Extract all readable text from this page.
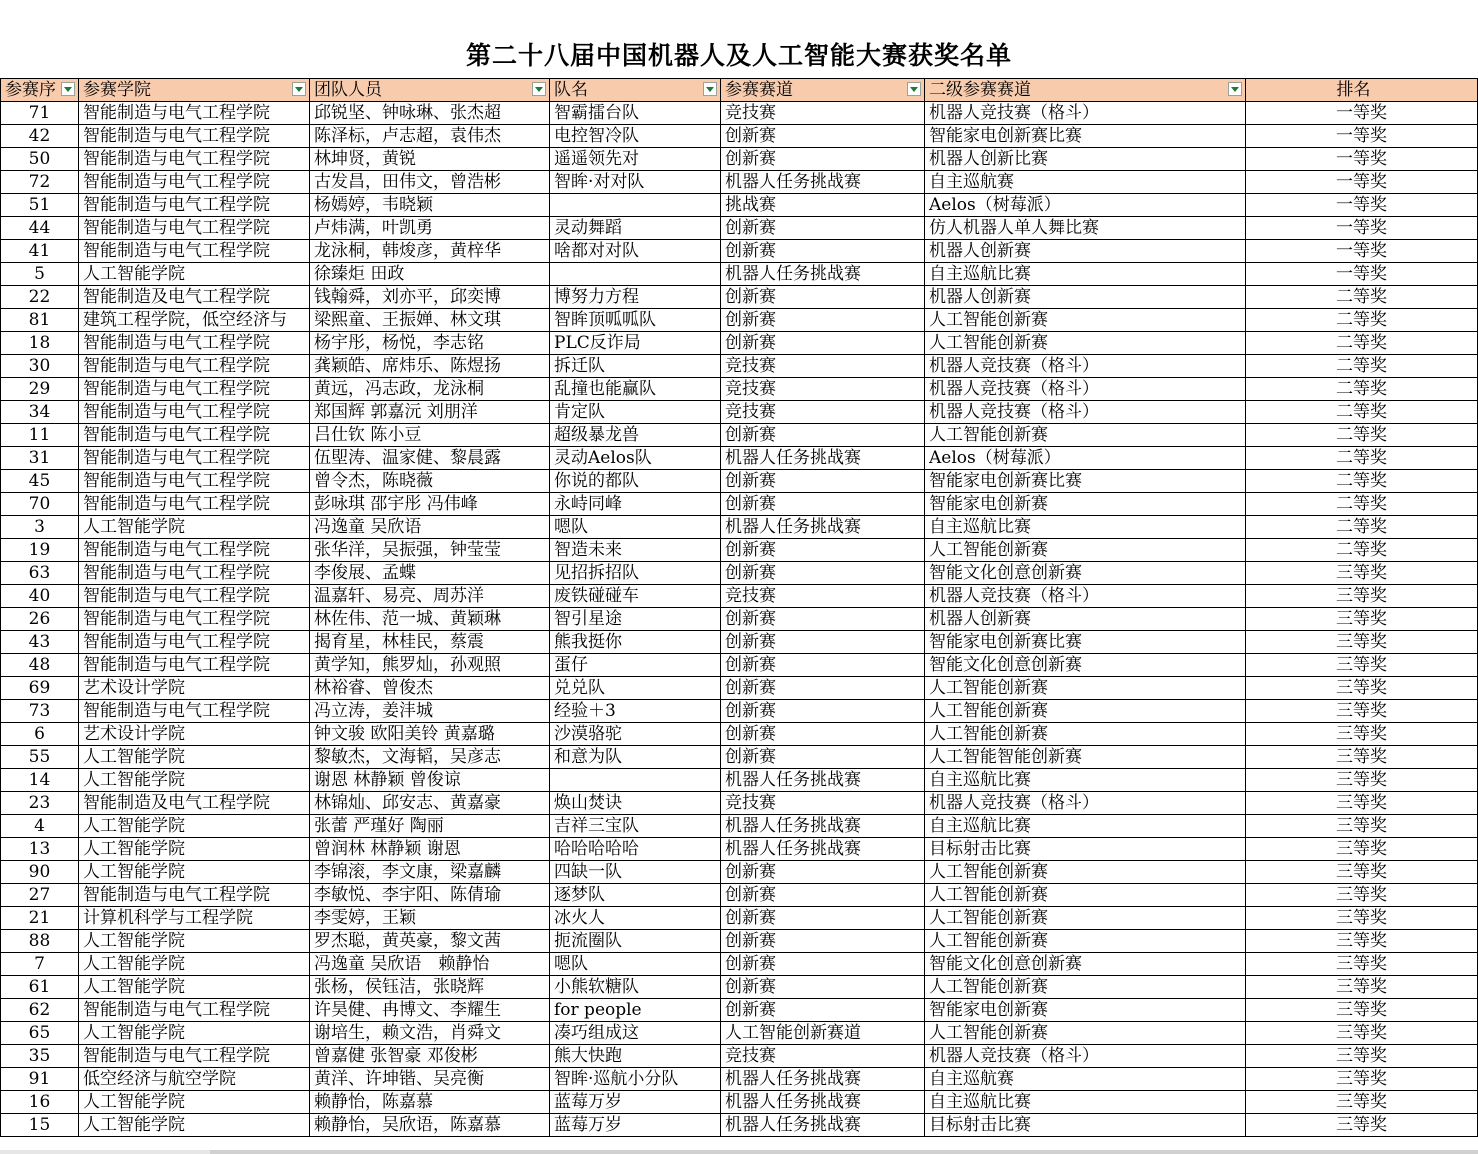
第二十八届中国机器人及人工智能大赛获奖名单
参赛序	参赛学院	团队人员	队名	参赛赛道	二级参赛赛道	排名
71	智能制造与电气工程学院	邱锐坚、钟咏琳、张杰超	智霸擂台队	竞技赛	机器人竞技赛（格斗）	一等奖
42	智能制造与电气工程学院	陈泽标，卢志超，袁伟杰	电控智冷队	创新赛	智能家电创新赛比赛	一等奖
50	智能制造与电气工程学院	林坤贤，黄锐	遥遥领先对	创新赛	机器人创新比赛	一等奖
72	智能制造与电气工程学院	古发昌，田伟文，曾浩彬	智眸·对对队	机器人任务挑战赛	自主巡航赛	一等奖
51	智能制造与电气工程学院	杨嫣婷，韦晓颖		挑战赛	Aelos（树莓派）	一等奖
44	智能制造与电气工程学院	卢炜满，叶凯勇	灵动舞蹈	创新赛	仿人机器人单人舞比赛	一等奖
41	智能制造与电气工程学院	龙泳桐，韩焌彦，黄梓华	啥都对对队	创新赛	机器人创新赛	一等奖
5	人工智能学院	徐臻炬 田政		机器人任务挑战赛	自主巡航比赛	一等奖
22	智能制造及电气工程学院	钱翰舜，刘亦平，邱奕博	博努力方程	创新赛	机器人创新赛	二等奖
81	建筑工程学院，低空经济与	梁熙童、王振婵、林文琪	智眸顶呱呱队	创新赛	人工智能创新赛	二等奖
18	智能制造与电气工程学院	杨宇彤，杨悦，李志铭	PLC反诈局	创新赛	人工智能创新赛	二等奖
30	智能制造与电气工程学院	龚颖皓、席炜乐、陈煜扬	拆迁队	竞技赛	机器人竞技赛（格斗）	二等奖
29	智能制造与电气工程学院	黄远，冯志政，龙泳桐	乱撞也能赢队	竞技赛	机器人竞技赛（格斗）	二等奖
34	智能制造与电气工程学院	郑国辉 郭嘉沅 刘朋洋	肯定队	竞技赛	机器人竞技赛（格斗）	二等奖
11	智能制造与电气工程学院	吕仕钦 陈小豆	超级暴龙兽	创新赛	人工智能创新赛	二等奖
31	智能制造与电气工程学院	伍堲涛、温家健、黎晨露	灵动Aelos队	机器人任务挑战赛	Aelos（树莓派）	二等奖
45	智能制造与电气工程学院	曾令杰，陈晓薇	你说的都队	创新赛	智能家电创新赛比赛	二等奖
70	智能制造与电气工程学院	彭咏琪 邵宇彤 冯伟峰	永峙同峰	创新赛	智能家电创新赛	二等奖
3	人工智能学院	冯逸童 吴欣语	嗯队	机器人任务挑战赛	自主巡航比赛	二等奖
19	智能制造与电气工程学院	张华洋，吴振强，钟莹莹	智造未来	创新赛	人工智能创新赛	二等奖
63	智能制造与电气工程学院	李俊展、孟蝶	见招拆招队	创新赛	智能文化创意创新赛	三等奖
40	智能制造与电气工程学院	温嘉轩、易亮、周苏洋	废铁碰碰车	竞技赛	机器人竞技赛（格斗）	三等奖
26	智能制造与电气工程学院	林佐伟、范一城、黄颖琳	智引星途	创新赛	机器人创新赛	三等奖
43	智能制造与电气工程学院	揭育星，林桂民，蔡震	熊我挺你	创新赛	智能家电创新赛比赛	三等奖
48	智能制造与电气工程学院	黄学知，熊罗灿，孙观照	蛋仔	创新赛	智能文化创意创新赛	三等奖
69	艺术设计学院	林裕睿、曾俊杰	兑兑队	创新赛	人工智能创新赛	三等奖
73	智能制造与电气工程学院	冯立涛，姜沣城	经验＋3	创新赛	人工智能创新赛	三等奖
6	艺术设计学院	钟文骏 欧阳美铃 黄嘉璐	沙漠骆驼	创新赛	人工智能创新赛	三等奖
55	人工智能学院	黎敏杰，文海韬，吴彦志	和意为队	创新赛	人工智能智能创新赛	三等奖
14	人工智能学院	谢恩 林静颖 曾俊谅		机器人任务挑战赛	自主巡航比赛	三等奖
23	智能制造及电气工程学院	林锦灿、邱安志、黄嘉豪	焕山焚诀	竞技赛	机器人竞技赛（格斗）	三等奖
4	人工智能学院	张蕾 严瑾好 陶丽	吉祥三宝队	机器人任务挑战赛	自主巡航比赛	三等奖
13	人工智能学院	曾润林 林静颖 谢恩	哈哈哈哈哈	机器人任务挑战赛	目标射击比赛	三等奖
90	人工智能学院	李锦滚，李文康，梁嘉麟	四缺一队	创新赛	人工智能创新赛	三等奖
27	智能制造与电气工程学院	李敏悦、李宇阳、陈倩瑜	逐梦队	创新赛	人工智能创新赛	三等奖
21	计算机科学与工程学院	李雯婷，王颖	冰火人	创新赛	人工智能创新赛	三等奖
88	人工智能学院	罗杰聪，黄英豪，黎文茜	扼流圈队	创新赛	人工智能创新赛	三等奖
7	人工智能学院	冯逸童 吴欣语　赖静怡	嗯队	创新赛	智能文化创意创新赛	三等奖
61	人工智能学院	张杨，侯钰洁，张晓辉	小熊软糖队	创新赛	人工智能创新赛	三等奖
62	智能制造与电气工程学院	许昊健、冉博文、李耀生	for people	创新赛	智能家电创新赛	三等奖
65	人工智能学院	谢培生，赖文浩，肖舜文	凑巧组成这	人工智能创新赛道	人工智能创新赛	三等奖
35	智能制造与电气工程学院	曾嘉健 张智豪 邓俊彬	熊大快跑	竞技赛	机器人竞技赛（格斗）	三等奖
91	低空经济与航空学院	黄洋、许坤锴、吴亮衡	智眸·巡航小分队	机器人任务挑战赛	自主巡航赛	三等奖
16	人工智能学院	赖静怡，陈嘉慕	蓝莓万岁	机器人任务挑战赛	自主巡航比赛	三等奖
15	人工智能学院	赖静怡，吴欣语，陈嘉慕	蓝莓万岁	机器人任务挑战赛	目标射击比赛	三等奖
